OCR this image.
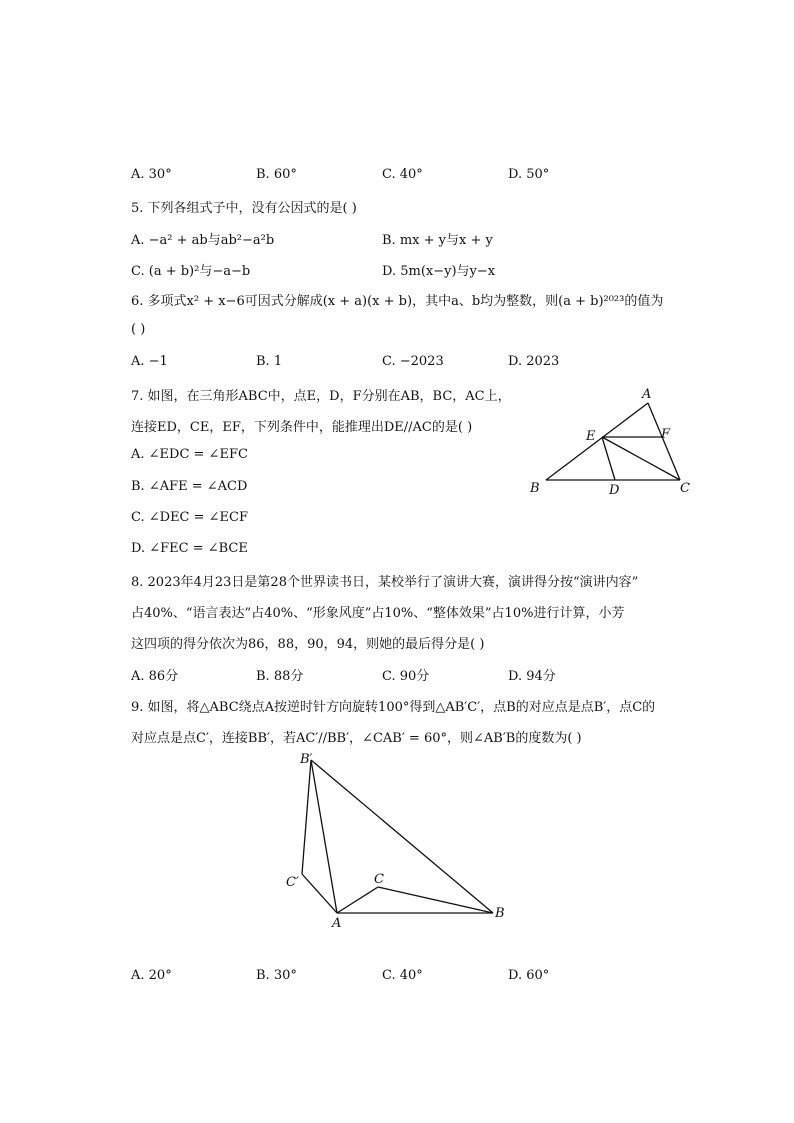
A. 30°	B. 60°	C. 40°	D. 50°
5. 下列各组式子中，没有公因式的是( )
A. −a² + ab与ab²−a²b	B. mx + y与x + y
C. (a + b)²与−a−b	D. 5m(x−y)与y−x
6. 多项式x² + x−6可因式分解成(x + a)(x + b)，其中a、b均为整数，则(a + b)²⁰²³的值为
( )
A. −1	B. 1	C. −2023	D. 2023
7. 如图，在三角形ABC中，点E，D，F分别在AB，BC，AC上，
连接ED，CE，EF，下列条件中，能推理出DE//AC的是( )
A. ∠EDC = ∠EFC
B. ∠AFE = ∠ACD
C. ∠DEC = ∠ECF
D. ∠FEC = ∠BCE
A
B	C
D
E	F
8. 2023年4月23日是第28个世界读书日，某校举行了演讲大赛，演讲得分按“演讲内容”
占40%、“语言表达”占40%、“形象风度”占10%、“整体效果”占10%进行计算，小芳
这四项的得分依次为86，88，90，94，则她的最后得分是( )
A. 86分	B. 88分	C. 90分	D. 94分
9. 如图，将△ABC绕点A按逆时针方向旋转100°得到△AB′C′，点B的对应点是点B′，点C的
对应点是点C′，连接BB′，若AC′//BB′，∠CAB′ = 60°，则∠AB′B的度数为( )
B′
C′	C
A
B
A. 20°	B. 30°	C. 40°	D. 60°
